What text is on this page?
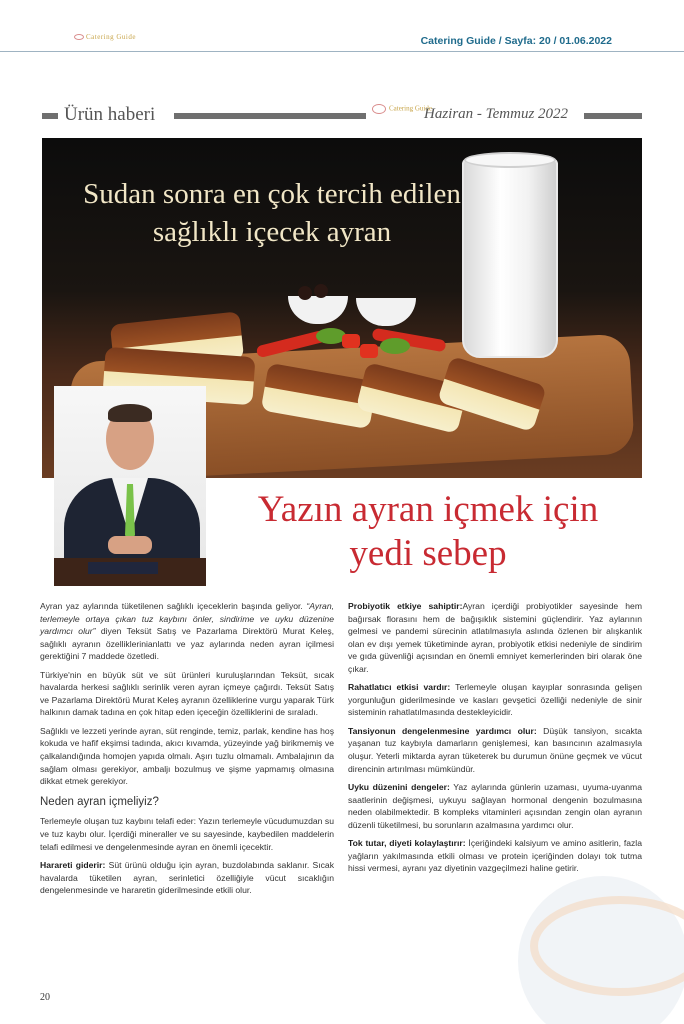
Catering Guide	Catering Guide / Sayfa: 20 / 01.06.2022
Ürün haberi	Catering Guide
Haziran - Temmuz 2022
Sudan sonra en çok tercih edilen sağlıklı içecek ayran
Yazın ayran içmek için yedi sebep

Ayran yaz aylarında tüketilenen sağlıklı içeceklerin başında geliyor. “Ayran, terlemeyle ortaya çıkan tuz kaybını önler, sindirime ve uyku düzenine yardımcı olur” diyen Teksüt Satış ve Pazarlama Direktörü Murat Keleş, sağlıklı ayranın özelliklerinianlattı ve yaz aylarında neden ayran içilmesi gerektiğini 7 maddede özetledi.

Türkiye'nin en büyük süt ve süt ürünleri kuruluşlarından Teksüt, sıcak havalarda herkesi sağlıklı serinlik veren ayran içmeye çağırdı. Teksüt Satış ve Pazarlama Direktörü Murat Keleş ayranın özelliklerine vurgu yaparak Türk halkının damak tadına en çok hitap eden içeceğin özelliklerini de sıraladı.

Sağlıklı ve lezzeti yerinde ayran, süt renginde, temiz, parlak, kendine has hoş kokuda ve hafif ekşimsi tadında, akıcı kıvamda, yüzeyinde yağ birikmemiş ve çalkalandığında homojen yapıda olmalı. Aşırı tuzlu olmamalı. Ambalajının da sağlam olması gerekiyor, ambaljı bozulmuş ve şişme yapmamış olmasına dikkat etmek gerekiyor.

Neden ayran içmeliyiz?

Terlemeyle oluşan tuz kaybını telafi eder: Yazın terlemeyle vücudumuzdan su ve tuz kaybı olur. İçerdiği mineraller ve su sayesinde, kaybedilen maddelerin telafi edilmesi ve dengelenmesinde ayran en önemli içecektir.

Harareti giderir: Süt ürünü olduğu için ayran, buzdolabında saklanır. Sıcak havalarda tüketilen ayran, serinletici özelliğiyle vücut sıcaklığın dengelenmesinde ve hararetin giderilmesinde etkili olur.

Probiyotik etkiye sahiptir:Ayran içerdiği probiyotikler sayesinde hem bağırsak florasını hem de bağışıklık sistemini güçlendirir. Yaz aylarının gelmesi ve pandemi sürecinin atlatılmasıyla aslında özlenen bir alışkanlık olan ev dışı yemek tüketiminde ayran, probiyotik etkisi nedeniyle de sindirim ve gıda güvenliği açısından en önemli emniyet kemerlerinden biri olarak öne çıkar.

Rahatlatıcı etkisi vardır: Terlemeyle oluşan kayıplar sonrasında gelişen yorgunluğun giderilmesinde ve kasları gevşetici özelliği nedeniyle de sinir sisteminin rahatlatılmasında destekleyicidir.

Tansiyonun dengelenmesine yardımcı olur: Düşük tansiyon, sıcakta yaşanan tuz kaybıyla damarların genişlemesi, kan basıncının azalmasıyla oluşur. Yeterli miktarda ayran tüketerek bu durumun önüne geçmek ve vücut direncinin artırılması mümkündür.

Uyku düzenini dengeler: Yaz aylarında günlerin uzaması, uyuma-uyanma saatlerinin değişmesi, uykuyu sağlayan hormonal dengenin bozulmasına neden olabilmektedir. B kompleks vitaminleri açısından zengin olan ayranın düzenli tüketilmesi, bu sorunların azalmasına yardımcı olur.

Tok tutar, diyeti kolaylaştırır: İçeriğindeki kalsiyum ve amino asitlerin, fazla yağların yakılmasında etkili olması ve protein içeriğinden dolayı tok tutma hissi vermesi, ayranı yaz diyetinin vazgeçilmezi haline getirir.

20
